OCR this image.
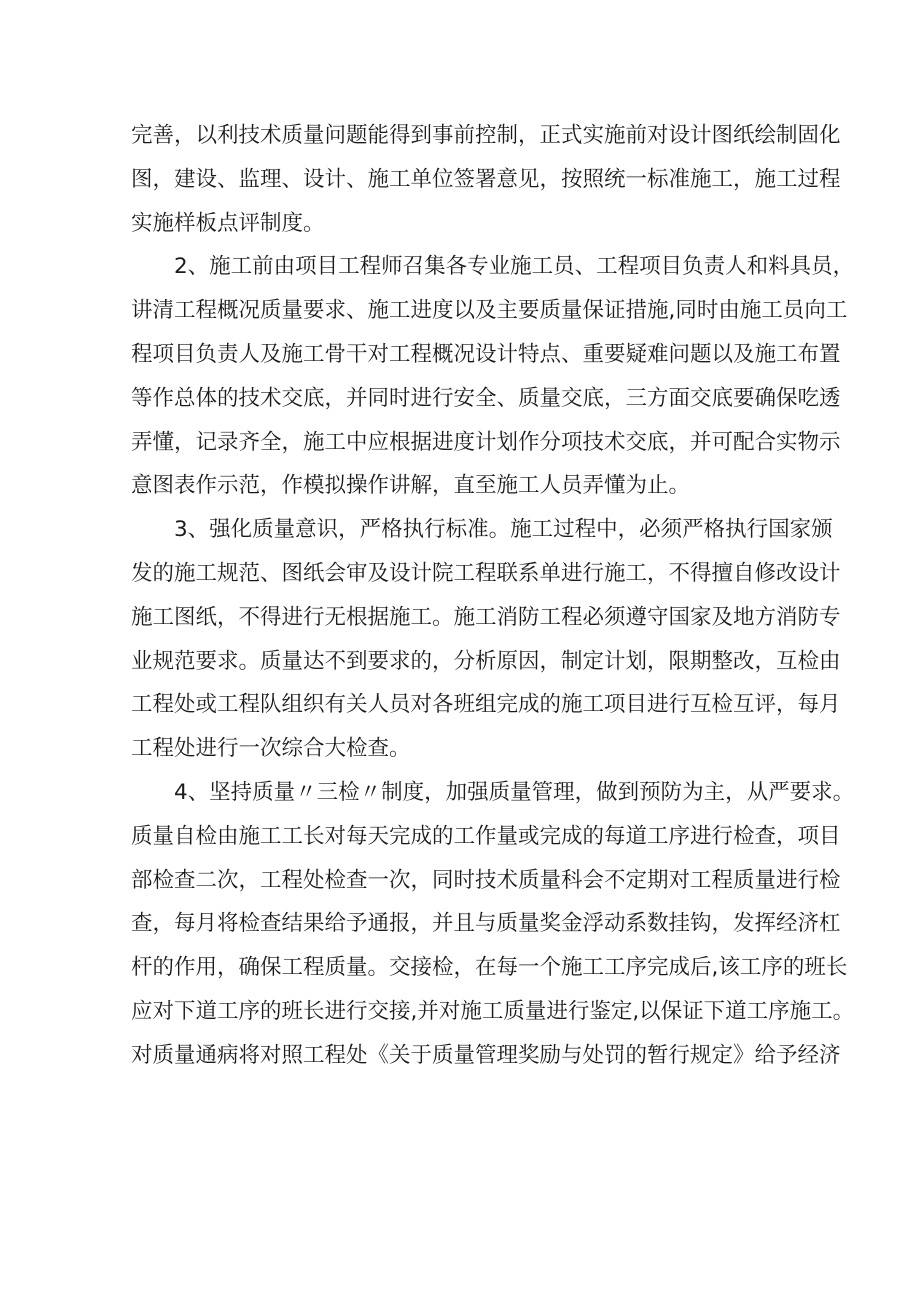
完善，以利技术质量问题能得到事前控制，正式实施前对设计图纸绘制固化
图，建设、监理、设计、施工单位签署意见，按照统一标准施工，施工过程
实施样板点评制度。
2、施工前由项目工程师召集各专业施工员、工程项目负责人和料具员，
讲清工程概况质量要求、施工进度以及主要质量保证措施,同时由施工员向工
程项目负责人及施工骨干对工程概况设计特点、重要疑难问题以及施工布置
等作总体的技术交底，并同时进行安全、质量交底，三方面交底要确保吃透
弄懂，记录齐全，施工中应根据进度计划作分项技术交底，并可配合实物示
意图表作示范，作模拟操作讲解，直至施工人员弄懂为止。
3、强化质量意识，严格执行标准。施工过程中，必须严格执行国家颁
发的施工规范、图纸会审及设计院工程联系单进行施工，不得擅自修改设计
施工图纸，不得进行无根据施工。施工消防工程必须遵守国家及地方消防专
业规范要求。质量达不到要求的，分析原因，制定计划，限期整改，互检由
工程处或工程队组织有关人员对各班组完成的施工项目进行互检互评，每月
工程处进行一次综合大检查。
4、坚持质量〃三检〃制度，加强质量管理，做到预防为主，从严要求。
质量自检由施工工长对每天完成的工作量或完成的每道工序进行检查，项目
部检查二次，工程处检查一次，同时技术质量科会不定期对工程质量进行检
查，每月将检查结果给予通报，并且与质量奖金浮动系数挂钩，发挥经济杠
杆的作用，确保工程质量。交接检，在每一个施工工序完成后,该工序的班长
应对下道工序的班长进行交接,并对施工质量进行鉴定,以保证下道工序施工。
对质量通病将对照工程处《关于质量管理奖励与处罚的暂行规定》给予经济
